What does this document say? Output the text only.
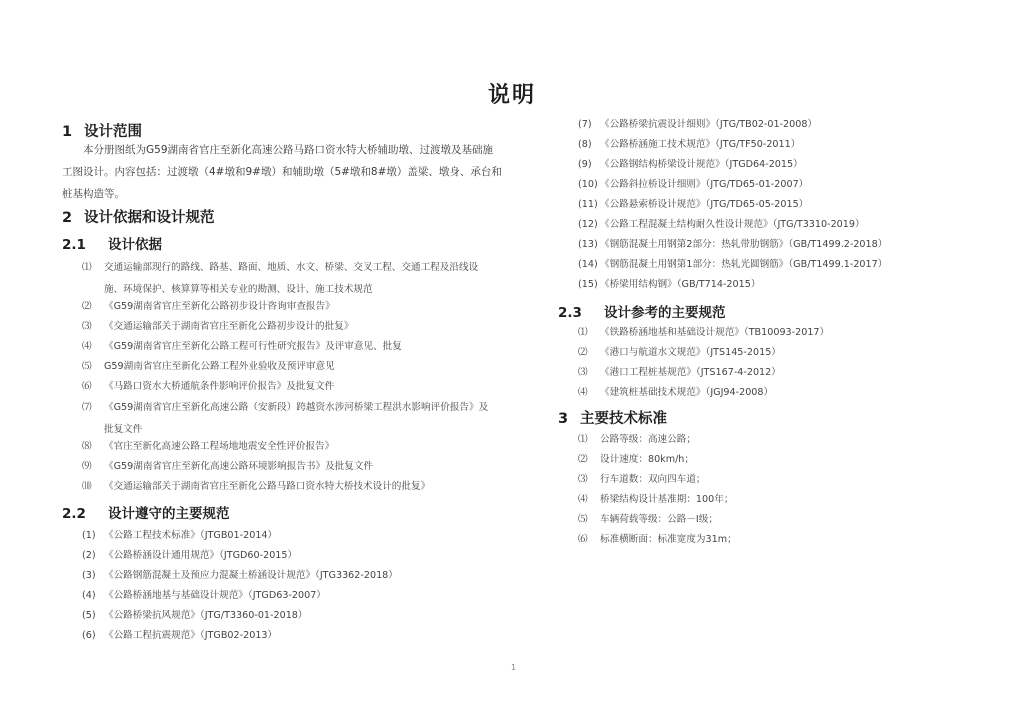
说明
1 设计范围
本分册图纸为G59湖南省官庄至新化高速公路马路口资水特大桥辅助墩、过渡墩及基础施工图设计。内容包括：过渡墩（4#墩和9#墩）和辅助墩（5#墩和8#墩）盖梁、墩身、承台和桩基构造等。
2 设计依据和设计规范
2.1 设计依据
⑴ 交通运输部现行的路线、路基、路面、地质、水文、桥梁、交叉工程、交通工程及沿线设
施、环境保护、核算算等相关专业的勘测、设计、施工技术规范
⑵ 《G59湖南省官庄至新化公路初步设计咨询审查报告》
⑶ 《交通运输部关于湖南省官庄至新化公路初步设计的批复》
⑷ 《G59湖南省官庄至新化公路工程可行性研究报告》及评审意见、批复
⑸ G59湖南省官庄至新化公路工程外业验收及预评审意见
⑹ 《马路口资水大桥通航条件影响评价报告》及批复文件
⑺ 《G59湖南省官庄至新化高速公路（安新段）跨越资水涉河桥梁工程洪水影响评价报告》及
批复文件
⑻ 《官庄至新化高速公路工程场地地震安全性评价报告》
⑼ 《G59湖南省官庄至新化高速公路环境影响报告书》及批复文件
⑽ 《交通运输部关于湖南省官庄至新化公路马路口资水特大桥技术设计的批复》
2.2 设计遵守的主要规范
(1) 《公路工程技术标准》（JTGB01-2014）
(2) 《公路桥涵设计通用规范》（JTGD60-2015）
(3) 《公路钢筋混凝土及预应力混凝土桥涵设计规范》（JTG3362-2018）
(4) 《公路桥涵地基与基础设计规范》（JTGD63-2007）
(5) 《公路桥梁抗风规范》（JTG/T3360-01-2018）
(6) 《公路工程抗震规范》（JTGB02-2013）
(7) 《公路桥梁抗震设计细则》（JTG/TB02-01-2008）
(8) 《公路桥涵施工技术规范》（JTG/TF50-2011）
(9) 《公路钢结构桥梁设计规范》（JTGD64-2015）
(10) 《公路斜拉桥设计细则》（JTG/TD65-01-2007）
(11) 《公路悬索桥设计规范》（JTG/TD65-05-2015）
(12) 《公路工程混凝土结构耐久性设计规范》（JTG/T3310-2019）
(13) 《钢筋混凝土用钢第2部分：热轧带肋钢筋》（GB/T1499.2-2018）
(14) 《钢筋混凝土用钢第1部分：热轧光圆钢筋》（GB/T1499.1-2017）
(15) 《桥梁用结构钢》（GB/T714-2015）
2.3 设计参考的主要规范
⑴ 《铁路桥涵地基和基础设计规范》（TB10093-2017）
⑵ 《港口与航道水文规范》（JTS145-2015）
⑶ 《港口工程桩基规范》（JTS167-4-2012）
⑷ 《建筑桩基础技术规范》（JGJ94-2008）
3 主要技术标准
⑴ 公路等级：高速公路；
⑵ 设计速度：80km/h；
⑶ 行车道数：双向四车道；
⑷ 桥梁结构设计基准期：100年；
⑸ 车辆荷载等级：公路－Ⅰ级；
⑹ 标准横断面：标准宽度为31m；
1
